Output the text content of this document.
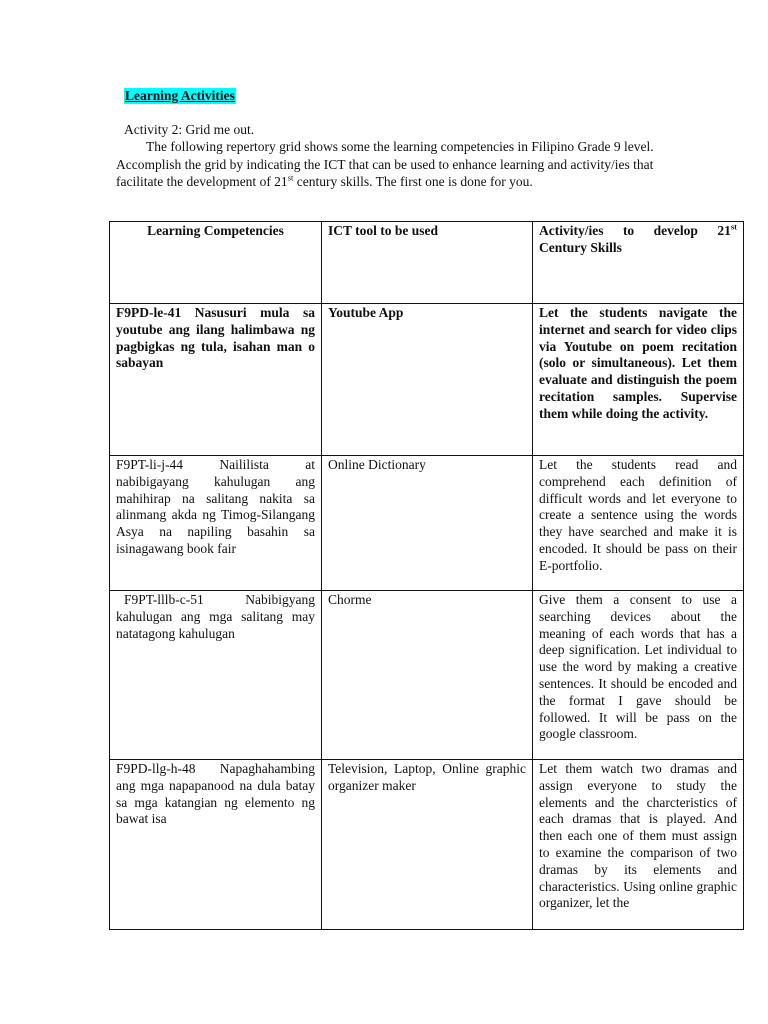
Learning Activities
Activity 2: Grid me out.
The following repertory grid shows some the learning competencies in Filipino Grade 9 level. Accomplish the grid by indicating the ICT that can be used to enhance learning and activity/ies that facilitate the development of 21st century skills. The first one is done for you.
Learning Competencies	ICT tool to be used	Activity/ies to develop 21st Century Skills
F9PD-le-41 Nasusuri mula sa youtube ang ilang halimbawa ng pagbigkas ng tula, isahan man o sabayan	Youtube App	Let the students navigate the internet and search for video clips via Youtube on poem recitation (solo or simultaneous). Let them evaluate and distinguish the poem recitation samples. Supervise them while doing the activity.
F9PT-li-j-44 Naililista at nabibigayang kahulugan ang mahihirap na salitang nakita sa alinmang akda ng Timog-Silangang Asya na napiling basahin sa isinagawang book fair	Online Dictionary	Let the students read and comprehend each definition of difficult words and let everyone to create a sentence using the words they have searched and make it is encoded. It should be pass on their E-portfolio.
F9PT-lllb-c-51 Nabibigyang kahulugan ang mga salitang may natatagong kahulugan	Chorme	Give them a consent to use a searching devices about the meaning of each words that has a deep signification. Let individual to use the word by making a creative sentences. It should be encoded and the format I gave should be followed. It will be pass on the google classroom.

F9PD-llg-h-48 Napaghahambing ang mga napapanood na dula batay sa mga katangian ng elemento ng bawat isa	Television, Laptop, Online graphic organizer maker	Let them watch two dramas and assign everyone to study the elements and the charcteristics of each dramas that is played. And then each one of them must assign to examine the comparison of two dramas by its elements and characteristics. Using online graphic organizer, let the
